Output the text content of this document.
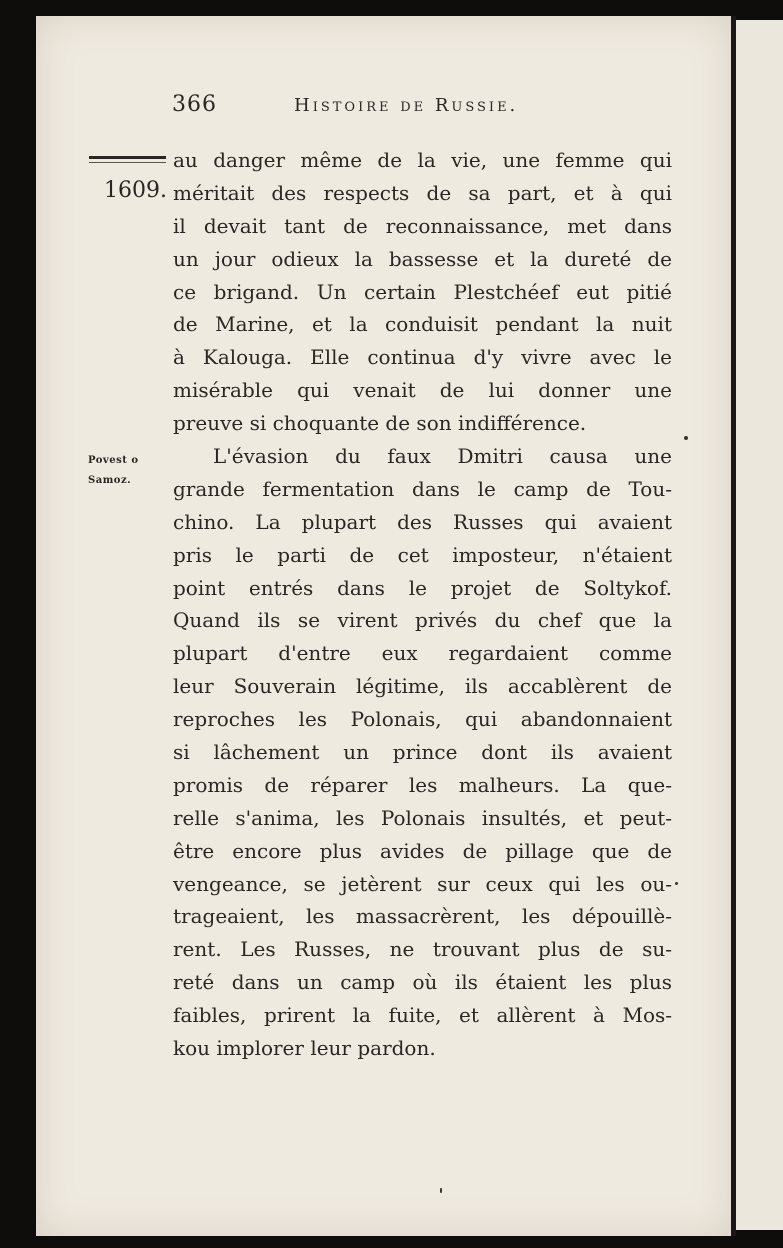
366	Histoire de Russie.
1609.
Povest o
Samoz.
au danger même de la vie, une femme qui
méritait des respects de sa part, et à qui
il devait tant de reconnaissance, met dans
un jour odieux la bassesse et la dureté de
ce brigand. Un certain Plestchéef eut pitié
de Marine, et la conduisit pendant la nuit
à Kalouga. Elle continua d'y vivre avec le
misérable qui venait de lui donner une
preuve si choquante de son indifférence.
L'évasion du faux Dmitri causa une
grande fermentation dans le camp de Tou-
chino. La plupart des Russes qui avaient
pris le parti de cet imposteur, n'étaient
point entrés dans le projet de Soltykof.
Quand ils se virent privés du chef que la
plupart d'entre eux regardaient comme
leur Souverain légitime, ils accablèrent de
reproches les Polonais, qui abandonnaient
si lâchement un prince dont ils avaient
promis de réparer les malheurs. La que-
relle s'anima, les Polonais insultés, et peut-
être encore plus avides de pillage que de
vengeance, se jetèrent sur ceux qui les ou-
trageaient, les massacrèrent, les dépouillè-
rent. Les Russes, ne trouvant plus de su-
reté dans un camp où ils étaient les plus
faibles, prirent la fuite, et allèrent à Mos-
kou implorer leur pardon.
